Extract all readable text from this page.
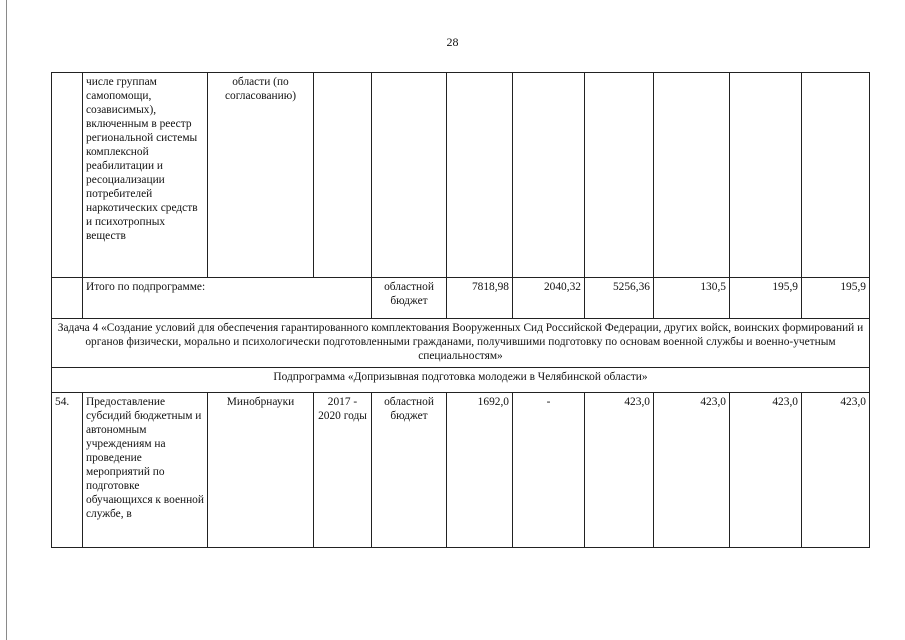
28
	числе группам самопомощи, созависимых), включенным в реестр региональной системы комплексной реабилитации и ресоциализации потребителей наркотических средств и психотропных веществ	области (по согласованию)								
	Итого по подпрограмме:			областной бюджет	7818,98	2040,32	5256,36	130,5	195,9	195,9
Задача 4 «Создание условий для обеспечения гарантированного комплектования Вооруженных Сид Российской Федерации, других войск, воинских формирований и органов физически, морально и психологически подготовленными гражданами, получившими подготовку по основам военной службы и военно-учетным специальностям»										
Подпрограмма «Допризывная подготовка молодежи в Челябинской области»										
54.	Предоставление субсидий бюджетным и автономным учреждениям на проведение мероприятий по подготовке обучающихся к военной службе, в	Минобрнауки	2017 - 2020 годы	областной бюджет	1692,0	-	423,0	423,0	423,0	423,0
